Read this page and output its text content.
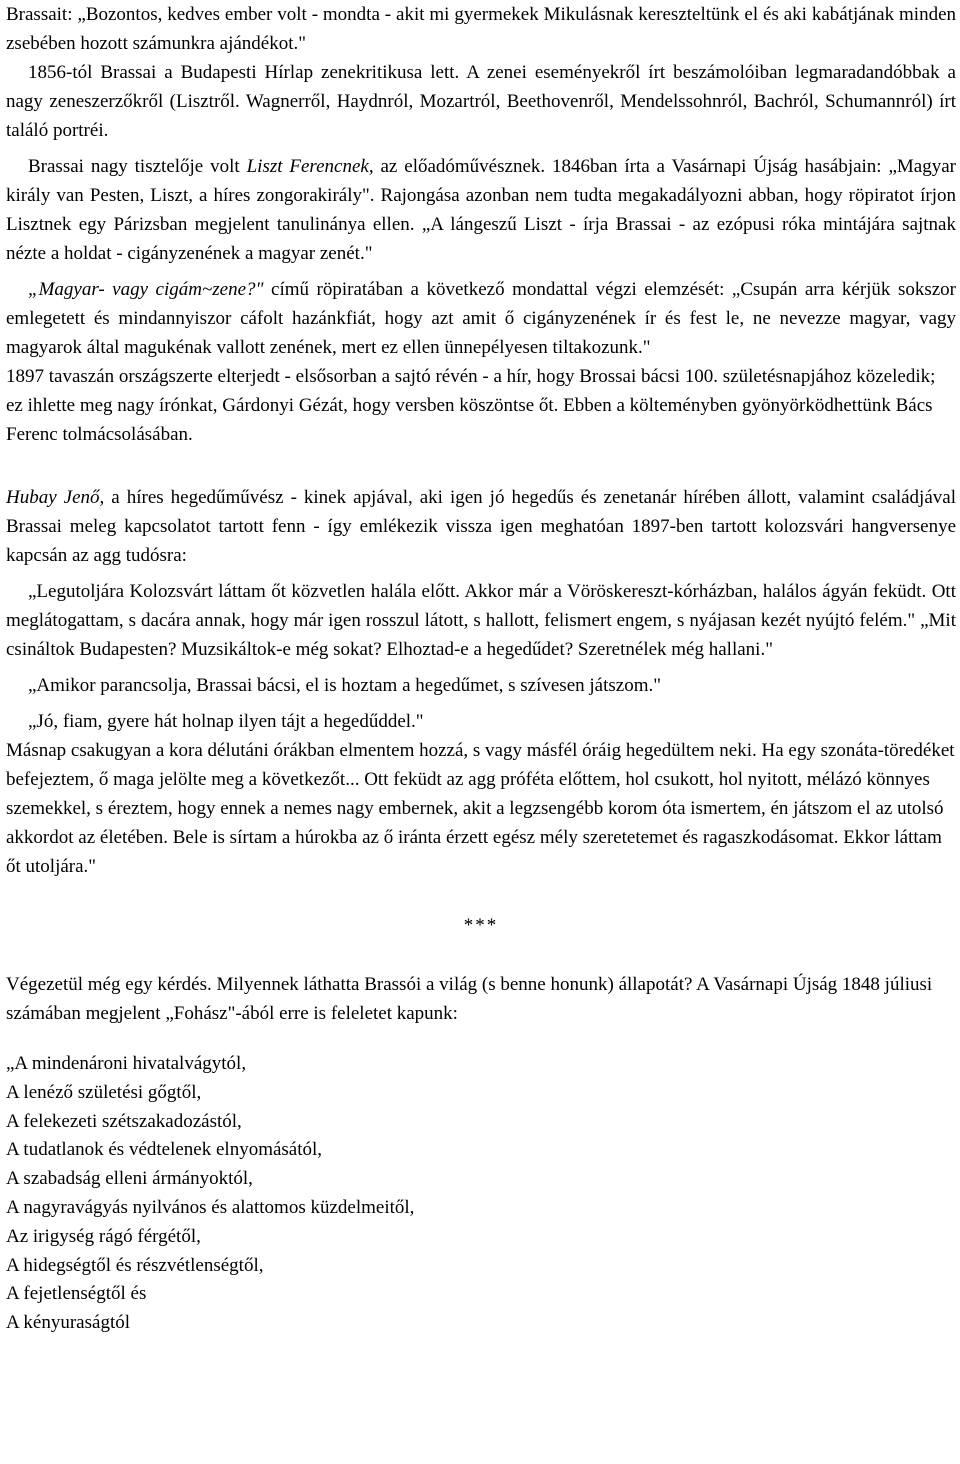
Brassait: „Bozontos, kedves ember volt - mondta - akit mi gyermekek Mikulásnak kereszteltünk el és aki kabátjának minden zsebében hozott számunkra ajándékot."

1856-tól Brassai a Budapesti Hírlap zenekritikusa lett. A zenei eseményekről írt beszámolóiban legmaradandóbbak a nagy zeneszerzőkről (Lisztről. Wagnerről, Haydnról, Mozartról, Beethovenről, Mendelssohnról, Bachról, Schumannról) írt találó portréi.

Brassai nagy tisztelője volt Liszt Ferencnek, az előadóművésznek. 1846ban írta a Vasárnapi Újság hasábjain: „Magyar király van Pesten, Liszt, a híres zongorakirály". Rajongása azonban nem tudta megakadályozni abban, hogy röpiratot írjon Lisztnek egy Párizsban megjelent tanulinánya ellen. „A lángeszű Liszt - írja Brassai - az ezópusi róka mintájára sajtnak nézte a holdat - cigányzenének a magyar zenét."

„Magyar- vagy cigám~zene?" című röpiratában a következő mondattal végzi elemzését: „Csupán arra kérjük sokszor emlegetett és mindannyiszor cáfolt hazánkfiát, hogy azt amit ő cigányzenének ír és fest le, ne nevezze magyar, vagy magyarok által magukénak vallott zenének, mert ez ellen ünnepélyesen tiltakozunk."

1897 tavaszán országszerte elterjedt - elsősorban a sajtó révén - a hír, hogy Brossai bácsi 100. születésnapjához közeledik; ez ihlette meg nagy írónkat, Gárdonyi Gézát, hogy versben köszöntse őt. Ebben a költeményben gyönyörködhettünk Bács Ferenc tolmácsolásában.

Hubay Jenő, a híres hegedűművész - kinek apjával, aki igen jó hegedűs és zenetanár hírében állott, valamint családjával Brassai meleg kapcsolatot tartott fenn - így emlékezik vissza igen meghatóan 1897-ben tartott kolozsvári hangversenye kapcsán az agg tudósra:

„Legutoljára Kolozsvárt láttam őt közvetlen halála előtt. Akkor már a Vöröskereszt-kórházban, halálos ágyán feküdt. Ott meglátogattam, s dacára annak, hogy már igen rosszul látott, s hallott, felismert engem, s nyájasan kezét nyújtó felém." „Mit csináltok Budapesten? Muzsikáltok-e még sokat? Elhoztad-e a hegedűdet? Szeretnélek még hallani."

„Amikor parancsolja, Brassai bácsi, el is hoztam a hegedűmet, s szívesen játszom."

„Jó, fiam, gyere hát holnap ilyen tájt a hegedűddel."

Másnap csakugyan a kora délutáni órákban elmentem hozzá, s vagy másfél óráig hegedültem neki. Ha egy szonáta-töredéket befejeztem, ő maga jelölte meg a következőt... Ott feküdt az agg próféta előttem, hol csukott, hol nyitott, mélázó könnyes szemekkel, s éreztem, hogy ennek a nemes nagy embernek, akit a legzsengébb korom óta ismertem, én játszom el az utolsó akkordot az életében. Bele is sírtam a húrokba az ő iránta érzett egész mély szeretetemet és ragaszkodásomat. Ekkor láttam őt utoljára."

***

Végezetül még egy kérdés. Milyennek láthatta Brassói a világ (s benne honunk) állapotát? A Vasárnapi Újság 1848 júliusi számában megjelent „Fohász"-ából erre is feleletet kapunk:

„A mindenároni hivatalvágytól,
A lenéző születési gőgtől,
A felekezeti szétszakadozástól,
A tudatlanok és védtelenek elnyomásától,
A szabadság elleni ármányoktól,
A nagyravágyás nyilvános és alattomos küzdelmeitől,
Az irigység rágó férgétől,
A hidegségtől és részvétlenségtől,
A fejetlenségtől és
A kényuraságtól
